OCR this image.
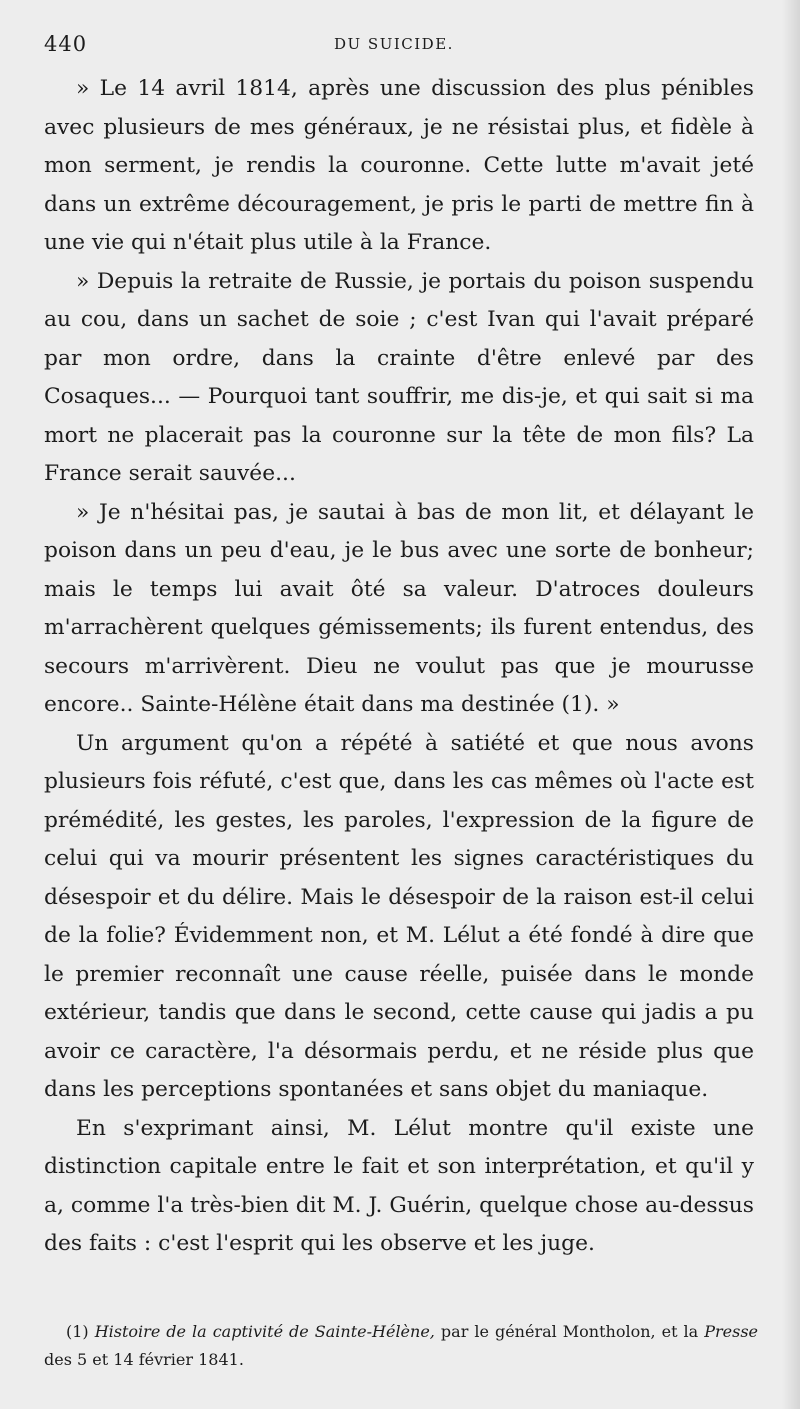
440	DU SUICIDE.

» Le 14 avril 1814, après une discussion des plus pénibles avec plusieurs de mes généraux, je ne résistai plus, et fidèle à mon serment, je rendis la couronne. Cette lutte m'avait jeté dans un extrême découragement, je pris le parti de mettre fin à une vie qui n'était plus utile à la France.

» Depuis la retraite de Russie, je portais du poison suspendu au cou, dans un sachet de soie ; c'est Ivan qui l'avait préparé par mon ordre, dans la crainte d'être enlevé par des Cosaques... — Pourquoi tant souffrir, me dis-je, et qui sait si ma mort ne placerait pas la couronne sur la tête de mon fils? La France serait sauvée...

» Je n'hésitai pas, je sautai à bas de mon lit, et délayant le poison dans un peu d'eau, je le bus avec une sorte de bonheur; mais le temps lui avait ôté sa valeur. D'atroces douleurs m'arrachèrent quelques gémissements; ils furent entendus, des secours m'arrivèrent. Dieu ne voulut pas que je mourusse encore.. Sainte-Hélène était dans ma destinée (1). »

Un argument qu'on a répété à satiété et que nous avons plusieurs fois réfuté, c'est que, dans les cas mêmes où l'acte est prémédité, les gestes, les paroles, l'expression de la figure de celui qui va mourir présentent les signes caractéristiques du désespoir et du délire. Mais le désespoir de la raison est-il celui de la folie? Évidemment non, et M. Lélut a été fondé à dire que le premier reconnaît une cause réelle, puisée dans le monde extérieur, tandis que dans le second, cette cause qui jadis a pu avoir ce caractère, l'a désormais perdu, et ne réside plus que dans les perceptions spontanées et sans objet du maniaque.

En s'exprimant ainsi, M. Lélut montre qu'il existe une distinction capitale entre le fait et son interprétation, et qu'il y a, comme l'a très-bien dit M. J. Guérin, quelque chose au-dessus des faits : c'est l'esprit qui les observe et les juge.

(1) Histoire de la captivité de Sainte-Hélène, par le général Montholon, et la Presse des 5 et 14 février 1841.
